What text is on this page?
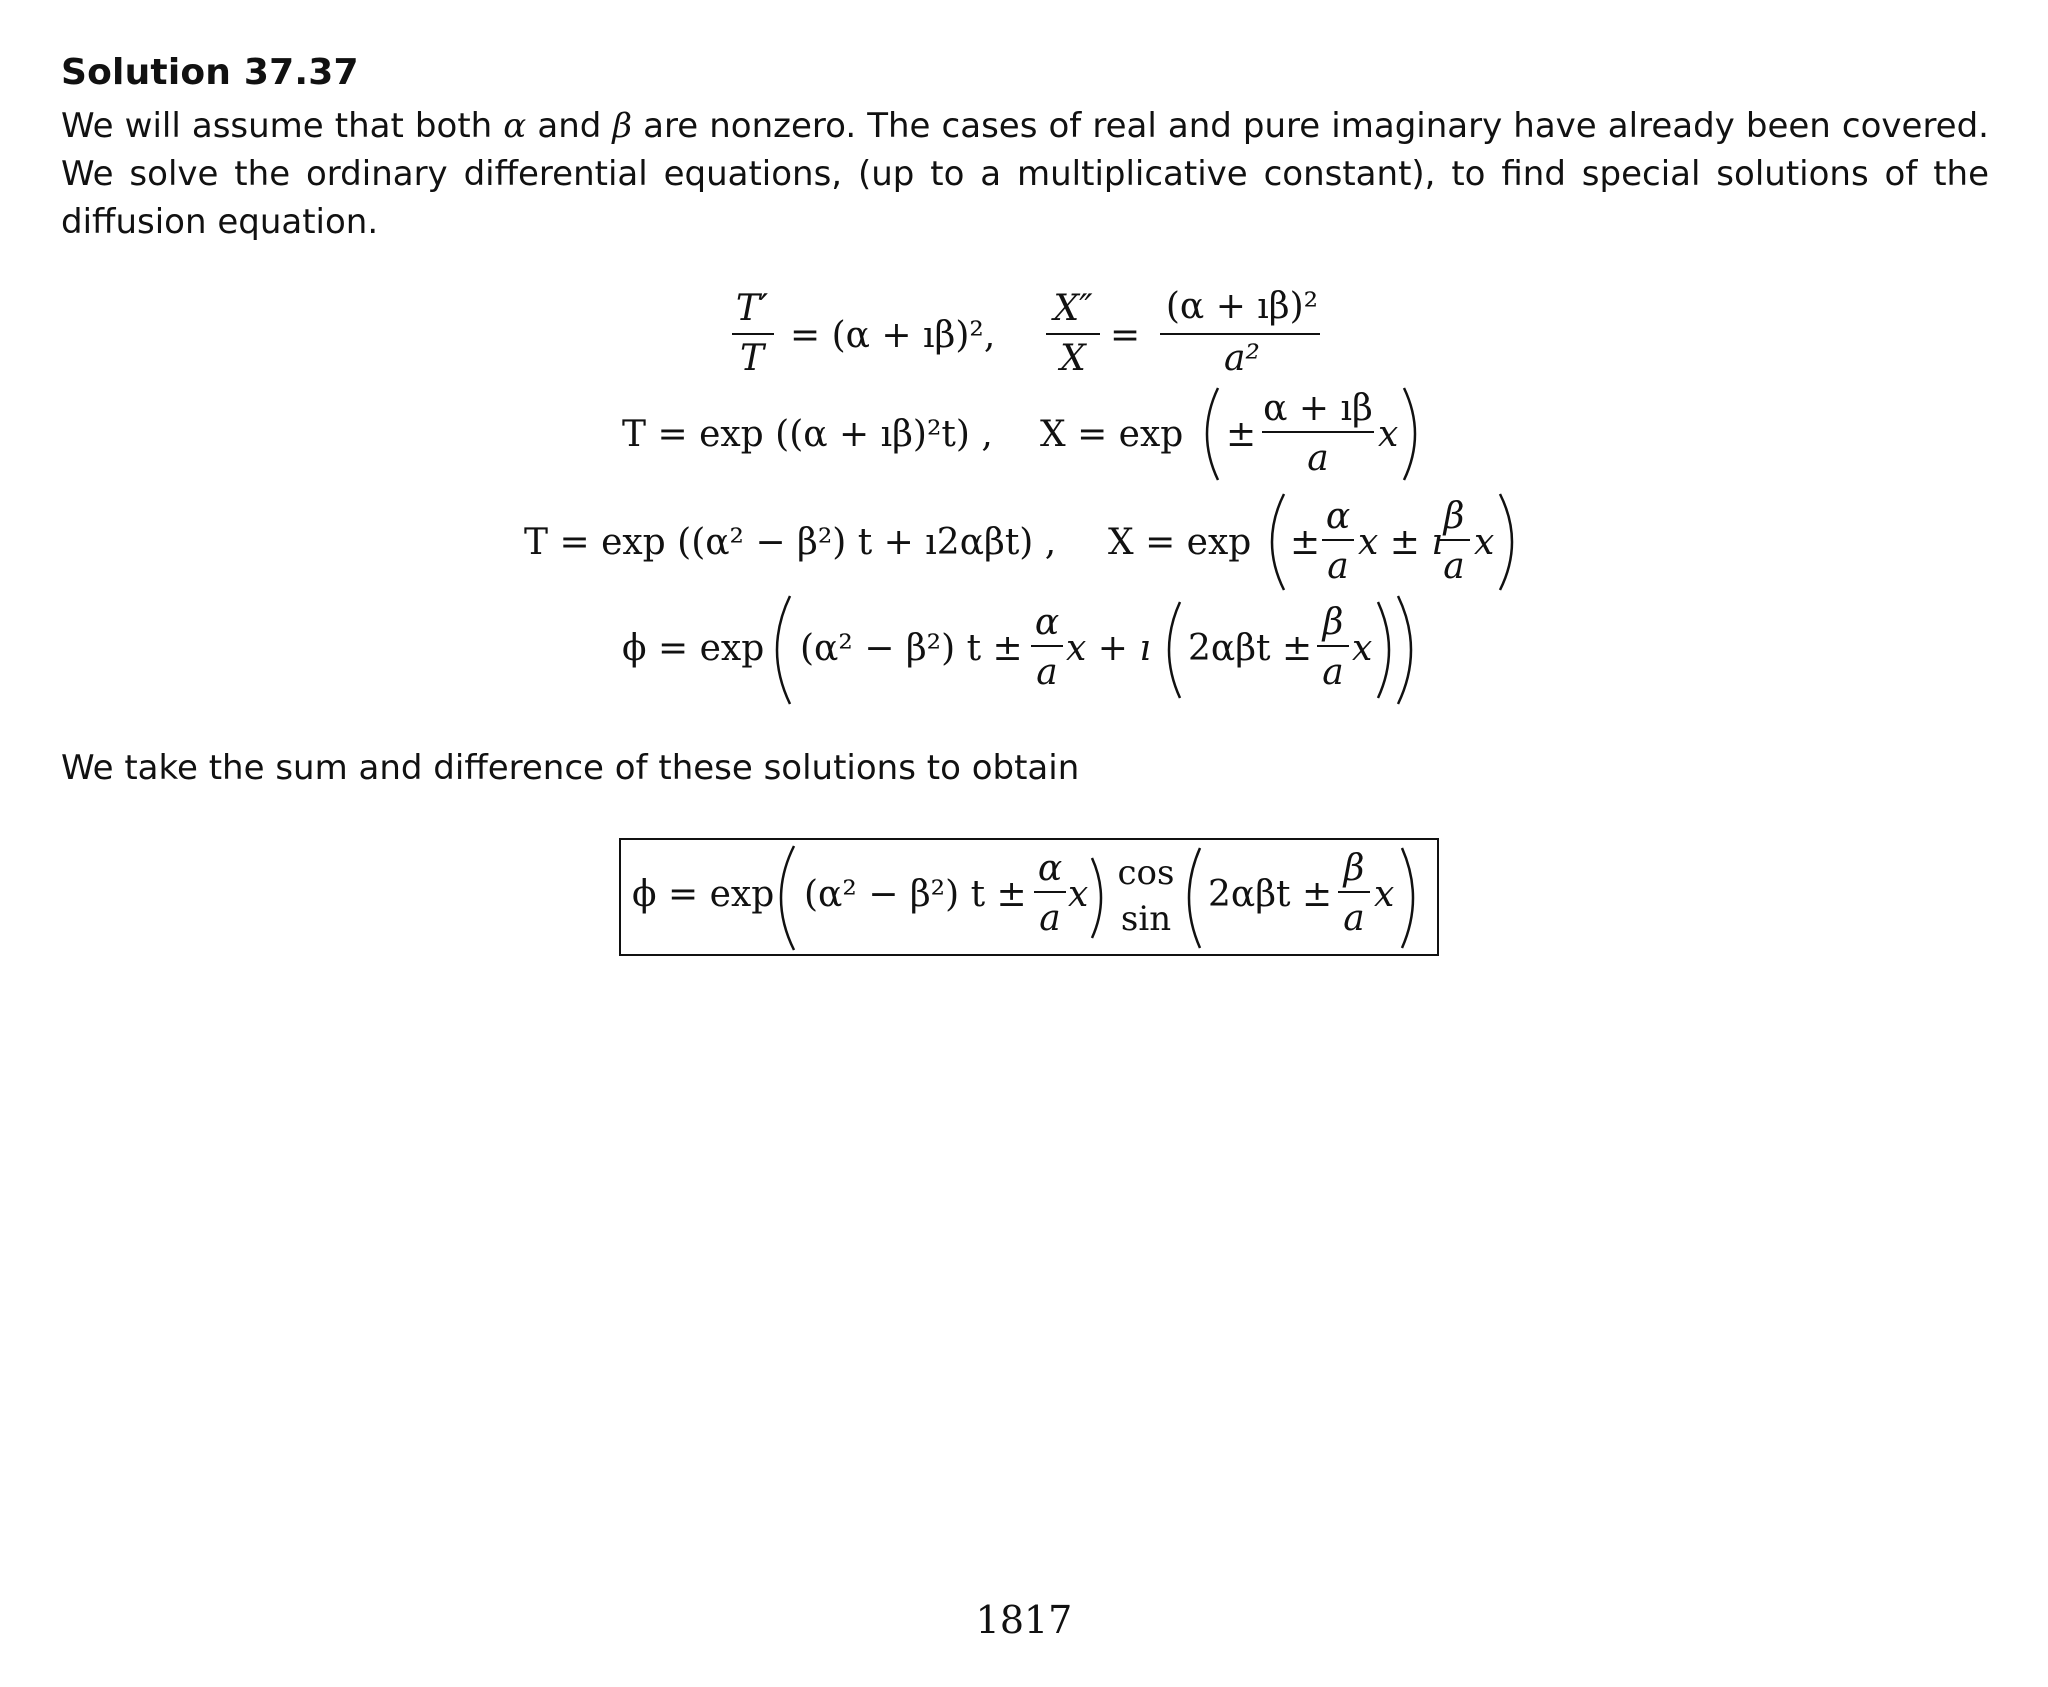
Solution 37.37
We will assume that both α and β are nonzero. The cases of real and pure imaginary have already been covered. We solve the ordinary differential equations, (up to a multiplicative constant), to find special solutions of the diffusion equation.
T′
T
= (α + ıβ)²,
X″
X
=
(α + ıβ)²
a²
T = exp ((α + ıβ)²t) , X = exp ±
α + ıβ
a
x
T = exp ((α² − β²) t + ı2αβt) , X = exp ±
α
a
x ± ı
β
a
x
ϕ = exp (α² − β²) t ±
α
a
x + ı 2αβt ±
β
a
x
We take the sum and difference of these solutions to obtain
ϕ = exp (α² − β²) t ±
α
a
x
cos
sin
2αβt ±
β
a
x
1817
